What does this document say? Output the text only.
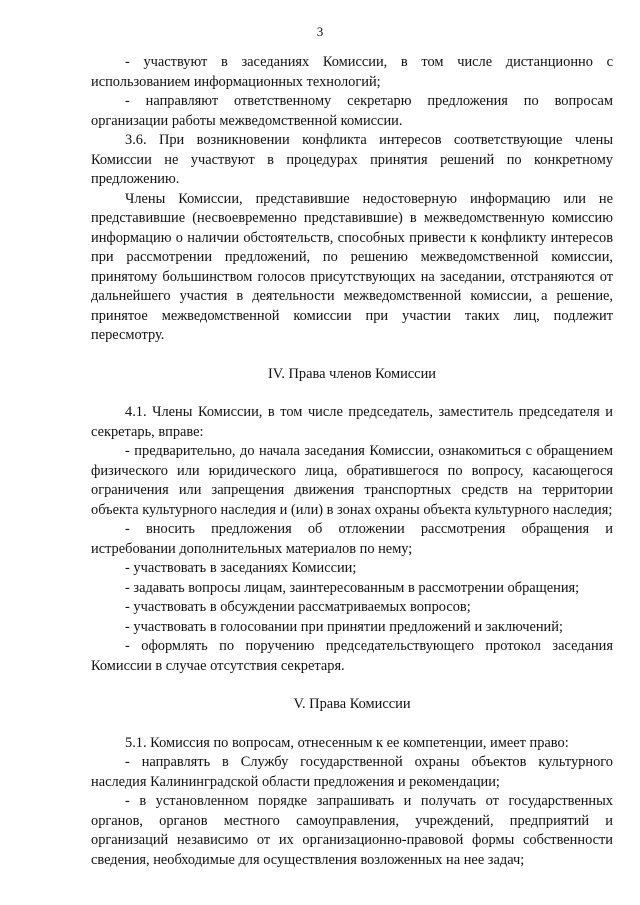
3
- участвуют в заседаниях Комиссии, в том числе дистанционно с использованием информационных технологий;
- направляют ответственному секретарю предложения по вопросам организации работы межведомственной комиссии.
3.6. При возникновении конфликта интересов соответствующие члены Комиссии не участвуют в процедурах принятия решений по конкретному предложению.
Члены Комиссии, представившие недостоверную информацию или не представившие (несвоевременно представившие) в межведомственную комиссию информацию о наличии обстоятельств, способных привести к конфликту интересов при рассмотрении предложений, по решению межведомственной комиссии, принятому большинством голосов присутствующих на заседании, отстраняются от дальнейшего участия в деятельности межведомственной комиссии, а решение, принятое межведомственной комиссии при участии таких лиц, подлежит пересмотру.
IV. Права членов Комиссии
4.1. Члены Комиссии, в том числе председатель, заместитель председателя и секретарь, вправе:
- предварительно, до начала заседания Комиссии, ознакомиться с обращением физического или юридического лица, обратившегося по вопросу, касающегося ограничения или запрещения движения транспортных средств на территории объекта культурного наследия и (или) в зонах охраны объекта культурного наследия;
- вносить предложения об отложении рассмотрения обращения и истребовании дополнительных материалов по нему;
- участвовать в заседаниях Комиссии;
- задавать вопросы лицам, заинтересованным в рассмотрении обращения;
- участвовать в обсуждении рассматриваемых вопросов;
- участвовать в голосовании при принятии предложений и заключений;
- оформлять по поручению председательствующего протокол заседания Комиссии в случае отсутствия секретаря.
V. Права Комиссии
5.1. Комиссия по вопросам, отнесенным к ее компетенции, имеет право:
- направлять в Службу государственной охраны объектов культурного наследия Калининградской области предложения и рекомендации;
- в установленном порядке запрашивать и получать от государственных органов, органов местного самоуправления, учреждений, предприятий и организаций независимо от их организационно-правовой формы собственности сведения, необходимые для осуществления возложенных на нее задач;
